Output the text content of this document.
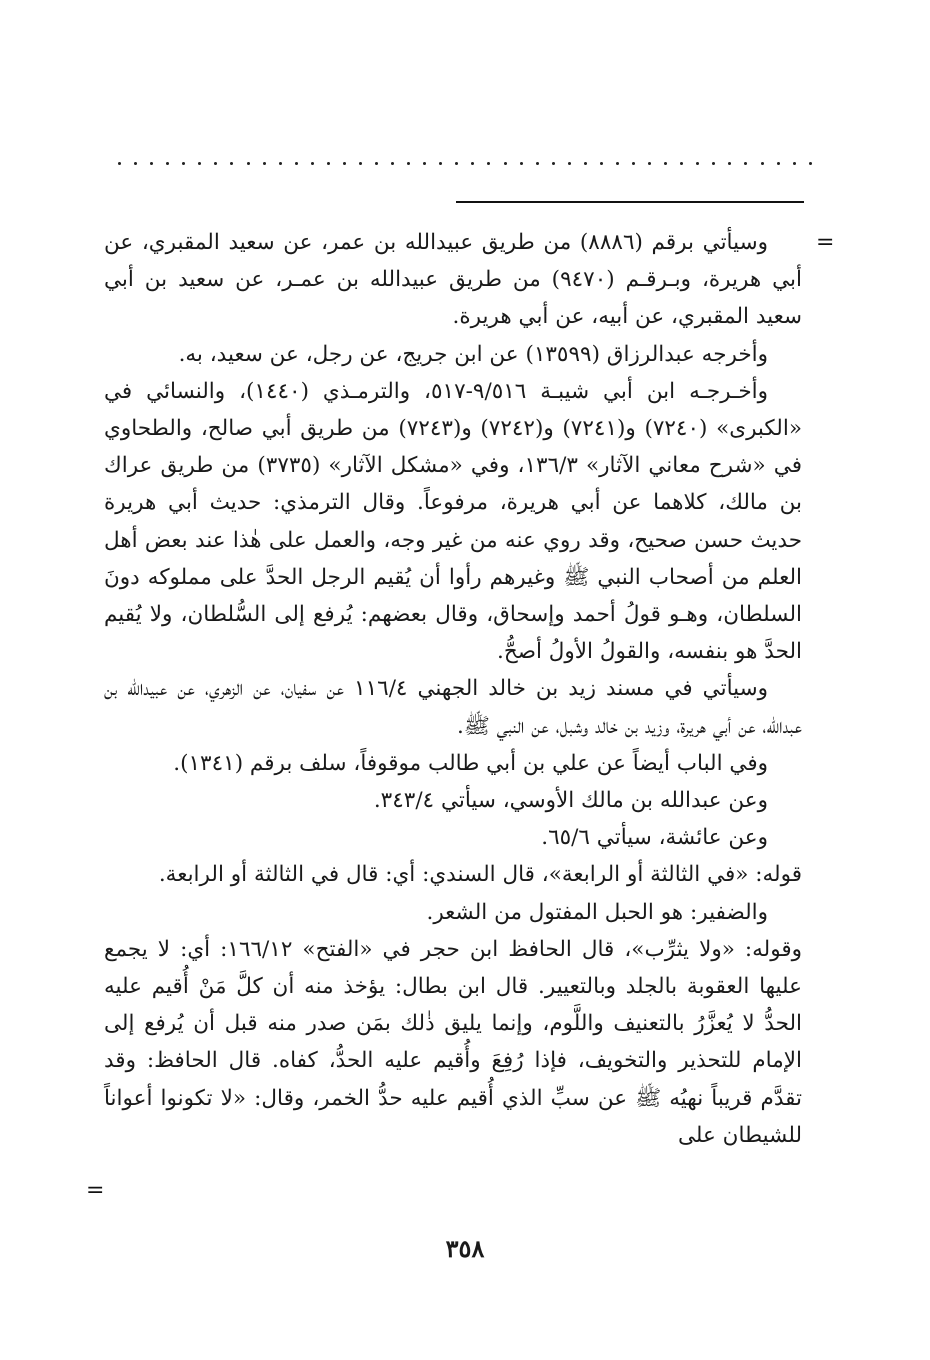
=

وسيأتي برقم (٨٨٨٦) من طريق عبيدالله بن عمر، عن سعيد المقبري، عن أبي هريرة، وبـرقـم (٩٤٧٠) من طريق عبيدالله بن عمـر، عن سعيد بن أبي سعيد المقبري، عن أبيه، عن أبي هريرة.

وأخرجه عبدالرزاق (١٣٥٩٩) عن ابن جريج، عن رجل، عن سعيد، به.

وأخـرجـه ابن أبي شيبـة ٩/٥١٦-٥١٧، والترمـذي (١٤٤٠)، والنسائي في «الكبرى» (٧٢٤٠) و(٧٢٤١) و(٧٢٤٢) و(٧٢٤٣) من طريق أبي صالح، والطحاوي في «شرح معاني الآثار» ١٣٦/٣، وفي «مشكل الآثار» (٣٧٣٥) من طريق عراك بن مالك، كلاهما عن أبي هريرة، مرفوعاً. وقال الترمذي: حديث أبي هريرة حديث حسن صحيح، وقد روي عنه من غير وجه، والعمل على هٰذا عند بعض أهل العلم من أصحاب النبي ﷺ وغيرهم رأوا أن يُقيم الرجل الحدَّ على مملوكه دونَ السلطان، وهـو قولُ أحمد وإسحاق، وقال بعضهم: يُرفع إلى السُّلطان، ولا يُقيم الحدَّ هو بنفسه، والقولُ الأولُ أصحُّ.

وسيأتي في مسند زيد بن خالد الجهني ١١٦/٤ عن سفيان، عن الزهري، عن عبيدالله بن عبدالله، عن أبي هريرة، وزيد بن خالد وشبل، عن النبي ﷺ.

وفي الباب أيضاً عن علي بن أبي طالب موقوفاً، سلف برقم (١٣٤١).

وعن عبدالله بن مالك الأوسي، سيأتي ٣٤٣/٤.

وعن عائشة، سيأتي ٦٥/٦.

قوله: «في الثالثة أو الرابعة»، قال السندي: أي: قال في الثالثة أو الرابعة.

والضفير: هو الحبل المفتول من الشعر.

وقوله: «ولا يثرِّب»، قال الحافظ ابن حجر في «الفتح» ١٦٦/١٢: أي: لا يجمع عليها العقوبة بالجلد وبالتعيير. قال ابن بطال: يؤخذ منه أن كلَّ مَنْ أُقيم عليه الحدُّ لا يُعزَّرُ بالتعنيف واللَّوم، وإنما يليق ذٰلك بمَن صدر منه قبل أن يُرفع إلى الإمام للتحذير والتخويف، فإذا رُفِعَ وأُقيم عليه الحدُّ، كفاه. قال الحافظ: وقد تقدَّم قريباً نهيُه ﷺ عن سبِّ الذي أُقيم عليه حدُّ الخمر، وقال: «لا تكونوا أعواناً للشيطان على

=
٣٥٨
